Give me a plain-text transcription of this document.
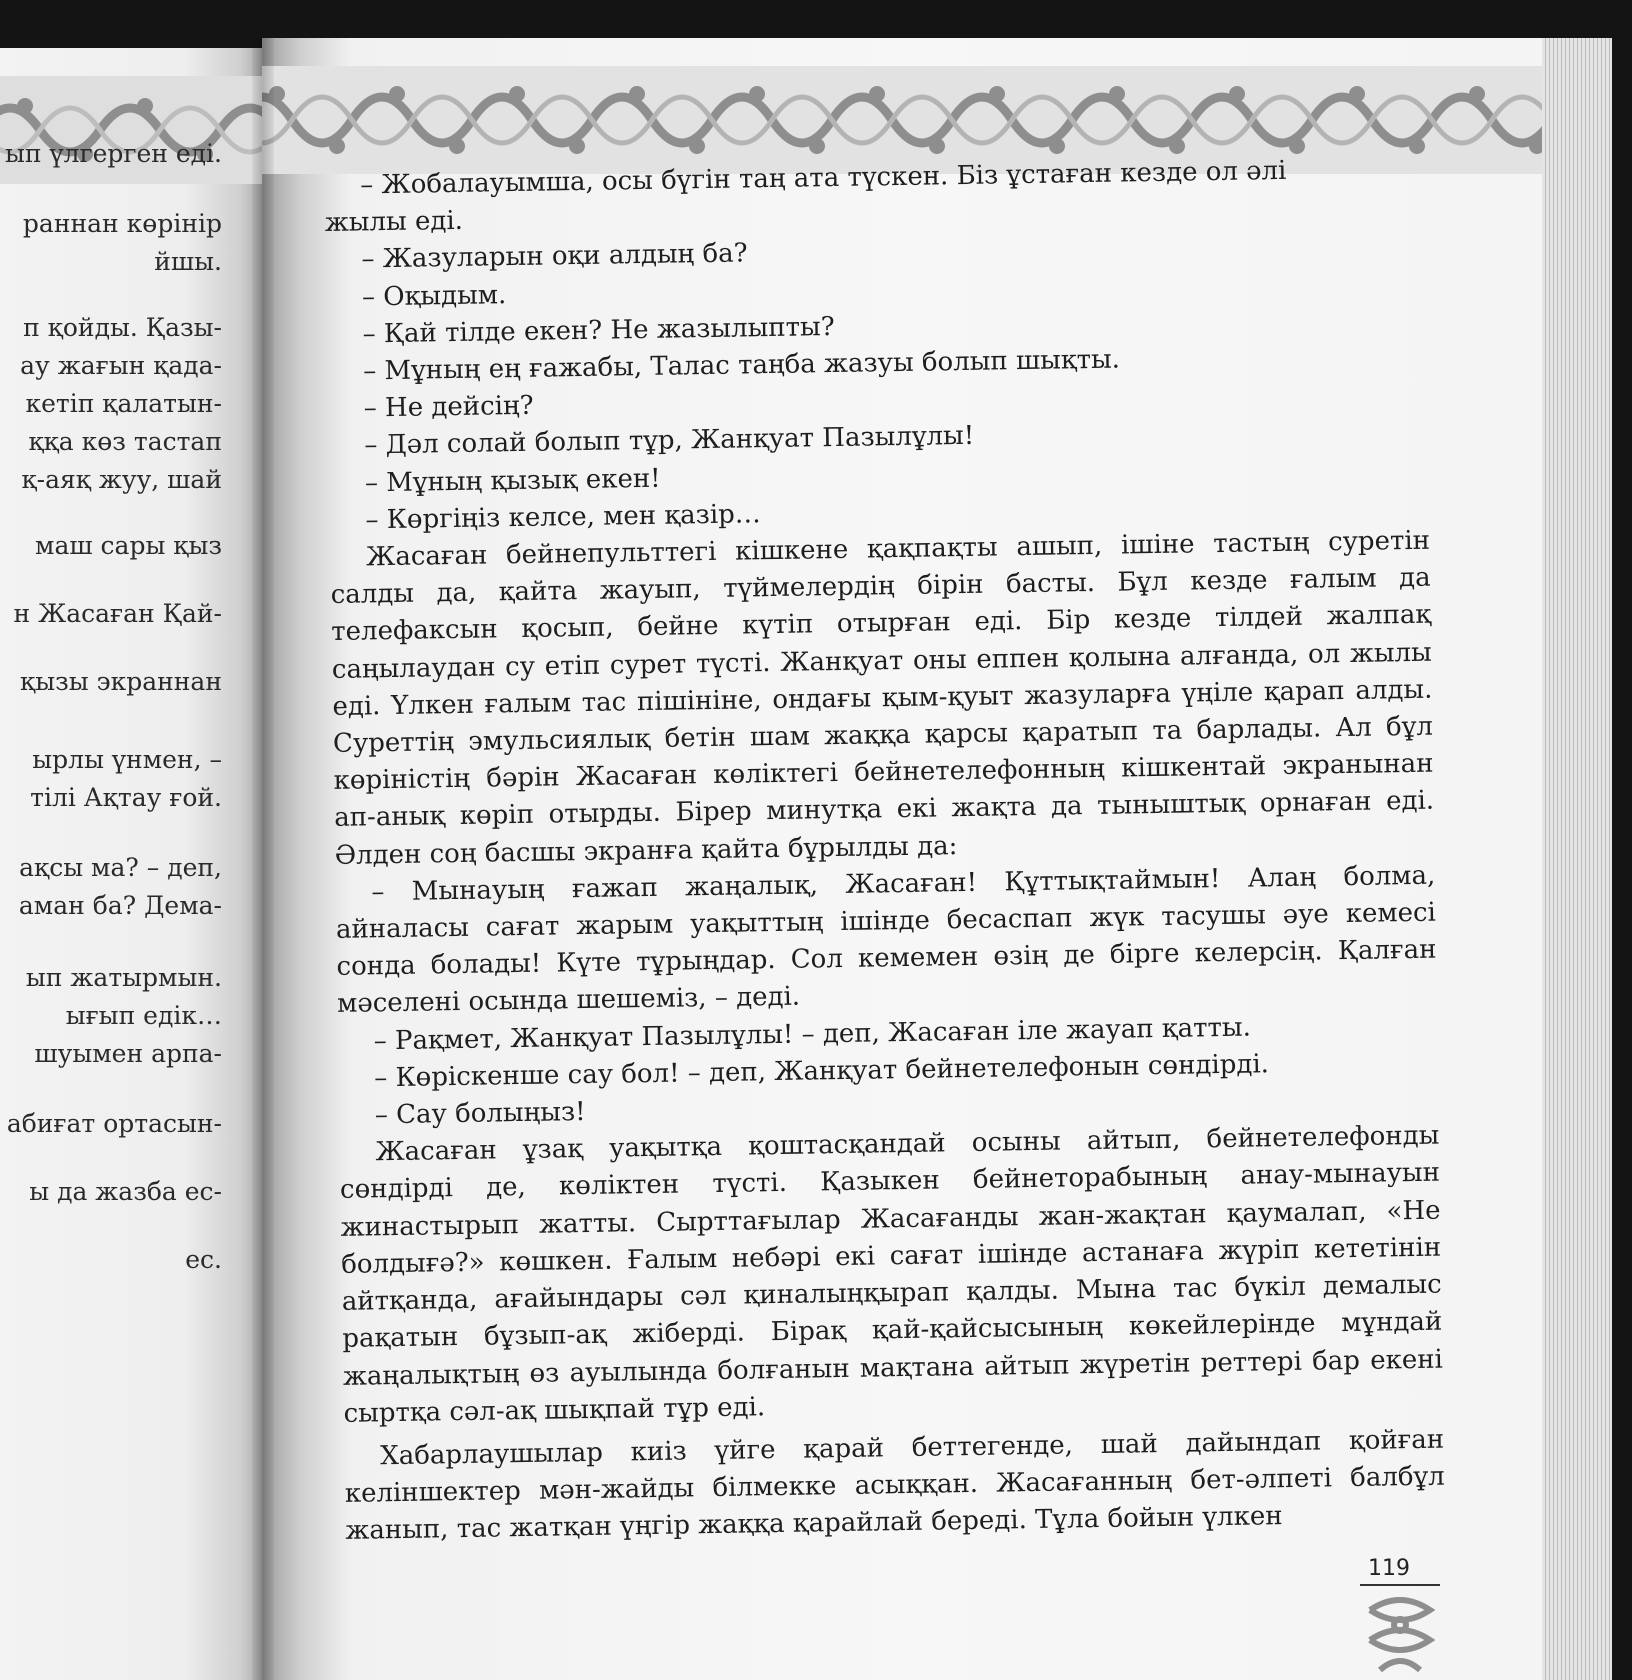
ып үлгерген еді.
раннан көрінір
йшы.
п қойды. Қазы-
ау жағын қада-
кетіп қалатын-
ққа көз тастап
қ-аяқ жуу, шай
маш сары қыз
н Жасаған Қай-
қызы экраннан
ырлы үнмен, –
тілі Ақтау ғой.
ақсы ма? – деп,
аман ба? Дема-
ып жатырмын.
ығып едік…
шуымен арпа-
абиғат ортасын-
ы да жазба ес-
ес.

– Жобалауымша, осы бүгін таң ата түскен. Біз ұстаған кезде ол әлі

жылы еді.

– Жазуларын оқи алдың ба?

– Оқыдым.

– Қай тілде екен? Не жазылыпты?

– Мұның ең ғажабы, Талас таңба жазуы болып шықты.

– Не дейсің?

– Дәл солай болып тұр, Жанқуат Пазылұлы!

– Мұның қызық екен!

– Көргіңіз келсе, мен қазір…

Жасаған бейнепульттегі кішкене қақпақты ашып, ішіне тастың суретін салды да, қайта жауып, түймелердің бірін басты. Бұл кезде ғалым да телефаксын қосып, бейне күтіп отырған еді. Бір кезде тілдей жалпақ саңылаудан су етіп сурет түсті. Жанқуат оны еппен қолына алғанда, ол жылы еді. Үлкен ғалым тас пішініне, ондағы қым-қуыт жазуларға үңіле қарап алды. Суреттің эмульсиялық бетін шам жаққа қарсы қаратып та барлады. Ал бұл көріністің бәрін Жасаған көліктегі бейнетелефонның кішкентай экранынан ап-анық көріп отырды. Бірер минутқа екі жақта да тыныштық орнаған еді. Әлден соң басшы экранға қайта бұрылды да:

– Мынауың ғажап жаңалық, Жасаған! Құттықтаймын! Алаң болма, айналасы сағат жарым уақыттың ішінде бесаспап жүк тасушы әуе кемесі сонда болады! Күте тұрыңдар. Сол кемемен өзің де бірге келерсің. Қалған мәселені осында шешеміз, – деді.

– Рақмет, Жанқуат Пазылұлы! – деп, Жасаған іле жауап қатты.

– Көріскенше сау бол! – деп, Жанқуат бейнетелефонын сөндірді.

– Сау болыңыз!

Жасаған ұзақ уақытқа қоштасқандай осыны айтып, бейнетелефонды сөндірді де, көліктен түсті. Қазыкен бейнеторабының анау-мынауын жинастырып жатты. Сырттағылар Жасағанды жан-жақтан қаумалап, «Не болдығә?» көшкен. Ғалым небәрі екі сағат ішінде астанаға жүріп кететінін айтқанда, ағайындары сәл қиналыңқырап қалды. Мына тас бүкіл демалыс рақатын бұзып-ақ жіберді. Бірақ қай-қайсысының көкейлерінде мұндай жаңалықтың өз ауылында болғанын мақтана айтып жүретін реттері бар екені сыртқа сәл-ақ шықпай тұр еді.

Хабарлаушылар киіз үйге қарай беттегенде, шай дайындап қойған келіншектер мән-жайды білмекке асыққан. Жасағанның бет-әлпеті балбұл жанып, тас жатқан үңгір жаққа қарайлай береді. Тұла бойын үлкен

119
